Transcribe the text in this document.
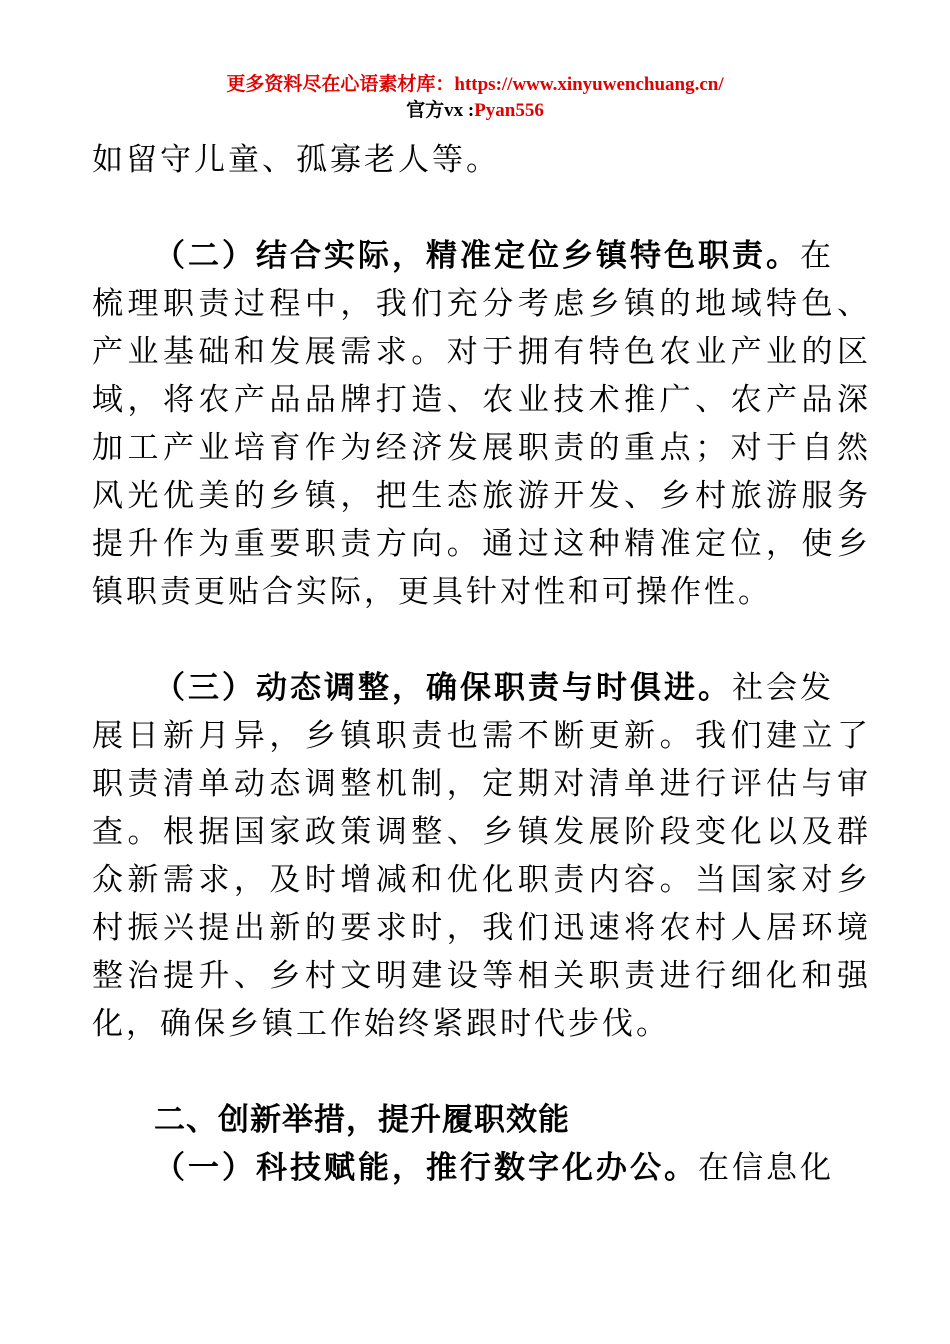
更多资料尽在心语素材库：https://www.xinyuwenchuang.cn/
官方vx :Pyan556
如留守儿童、孤寡老人等。
（二）结合实际，精准定位乡镇特色职责。在
梳理职责过程中，我们充分考虑乡镇的地域特色、
产业基础和发展需求。对于拥有特色农业产业的区
域，将农产品品牌打造、农业技术推广、农产品深
加工产业培育作为经济发展职责的重点；对于自然
风光优美的乡镇，把生态旅游开发、乡村旅游服务
提升作为重要职责方向。通过这种精准定位，使乡
镇职责更贴合实际，更具针对性和可操作性。
（三）动态调整，确保职责与时俱进。社会发
展日新月异，乡镇职责也需不断更新。我们建立了
职责清单动态调整机制，定期对清单进行评估与审
查。根据国家政策调整、乡镇发展阶段变化以及群
众新需求，及时增减和优化职责内容。当国家对乡
村振兴提出新的要求时，我们迅速将农村人居环境
整治提升、乡村文明建设等相关职责进行细化和强
化，确保乡镇工作始终紧跟时代步伐。
二、创新举措，提升履职效能
（一）科技赋能，推行数字化办公。在信息化
